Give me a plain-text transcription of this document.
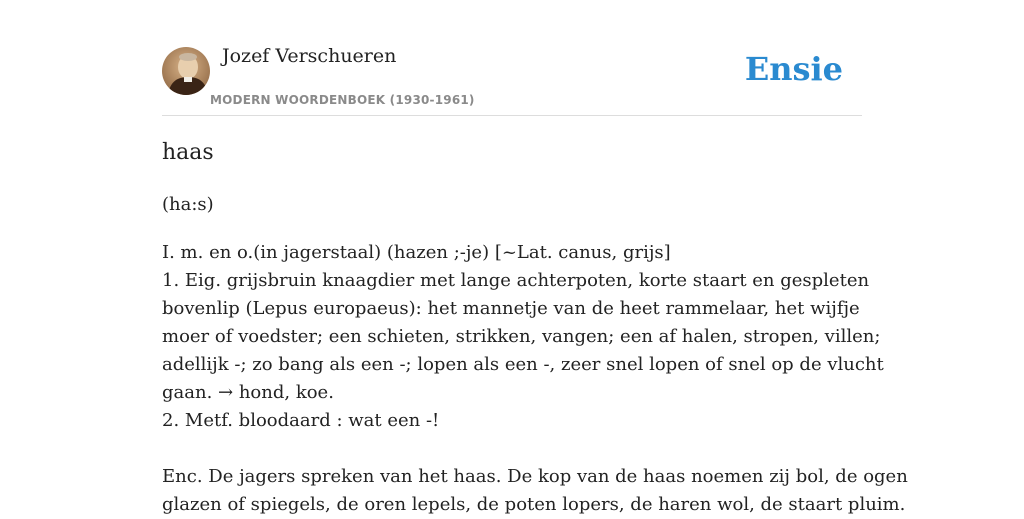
Jozef Verschueren
MODERN WOORDENBOEK (1930-1961)
Ensie
haas
(ha:s)
I. m. en o.(in jagerstaal) (hazen ;-je) [~Lat. canus, grijs]
1. Eig. grijsbruin knaagdier met lange achterpoten, korte staart en gespleten
bovenlip (Lepus europaeus): het mannetje van de heet rammelaar, het wijfje
moer of voedster; een schieten, strikken, vangen; een af halen, stropen, villen;
adellijk -; zo bang als een -; lopen als een -, zeer snel lopen of snel op de vlucht
gaan. → hond, koe.
2. Metf. bloodaard : wat een -!
Enc. De jagers spreken van het haas. De kop van de haas noemen zij bol, de ogen
glazen of spiegels, de oren lepels, de poten lopers, de haren wol, de staart pluim.
